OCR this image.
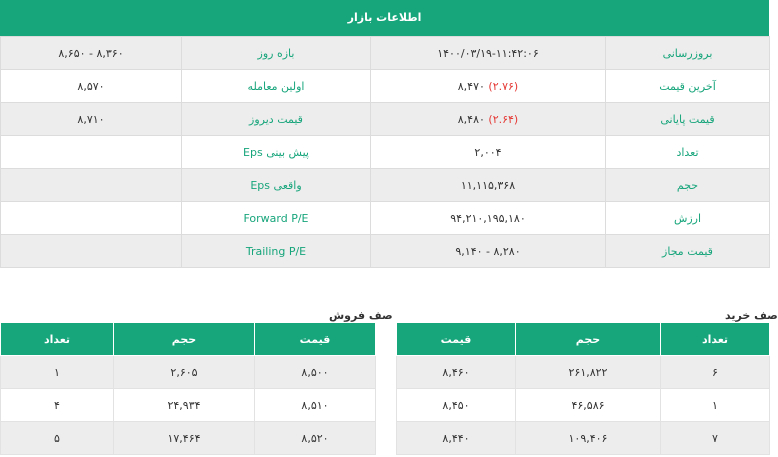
اطلاعات بازار
۸,۶۵۰ - ۸,۳۶۰	بازه روز	۱۴۰۰/۰۳/۱۹-۱۱:۴۲:۰۶	بروزرسانی
۸,۵۷۰	اولین معامله	۸,۴۷۰ (۲.۷۶)	آخرین قیمت
۸,۷۱۰	قیمت دیروز	۸,۴۸۰ (۲.۶۴)	قیمت پایانی
	Eps پیش بینی	۲,۰۰۴	تعداد
	Eps واقعی	۱۱,۱۱۵,۳۶۸	حجم
	Forward P/E	۹۴,۲۱۰,۱۹۵,۱۸۰	ارزش
	Trailing P/E	۹,۱۴۰ - ۸,۲۸۰	قیمت مجاز
صف فروش
تعداد	حجم	قیمت
۱	۲,۶۰۵	۸,۵۰۰
۴	۲۴,۹۳۴	۸,۵۱۰
۵	۱۷,۴۶۴	۸,۵۲۰
صف خرید
قیمت	حجم	تعداد
۸,۴۶۰	۲۶۱,۸۲۲	۶
۸,۴۵۰	۴۶,۵۸۶	۱
۸,۴۴۰	۱۰۹,۴۰۶	۷
